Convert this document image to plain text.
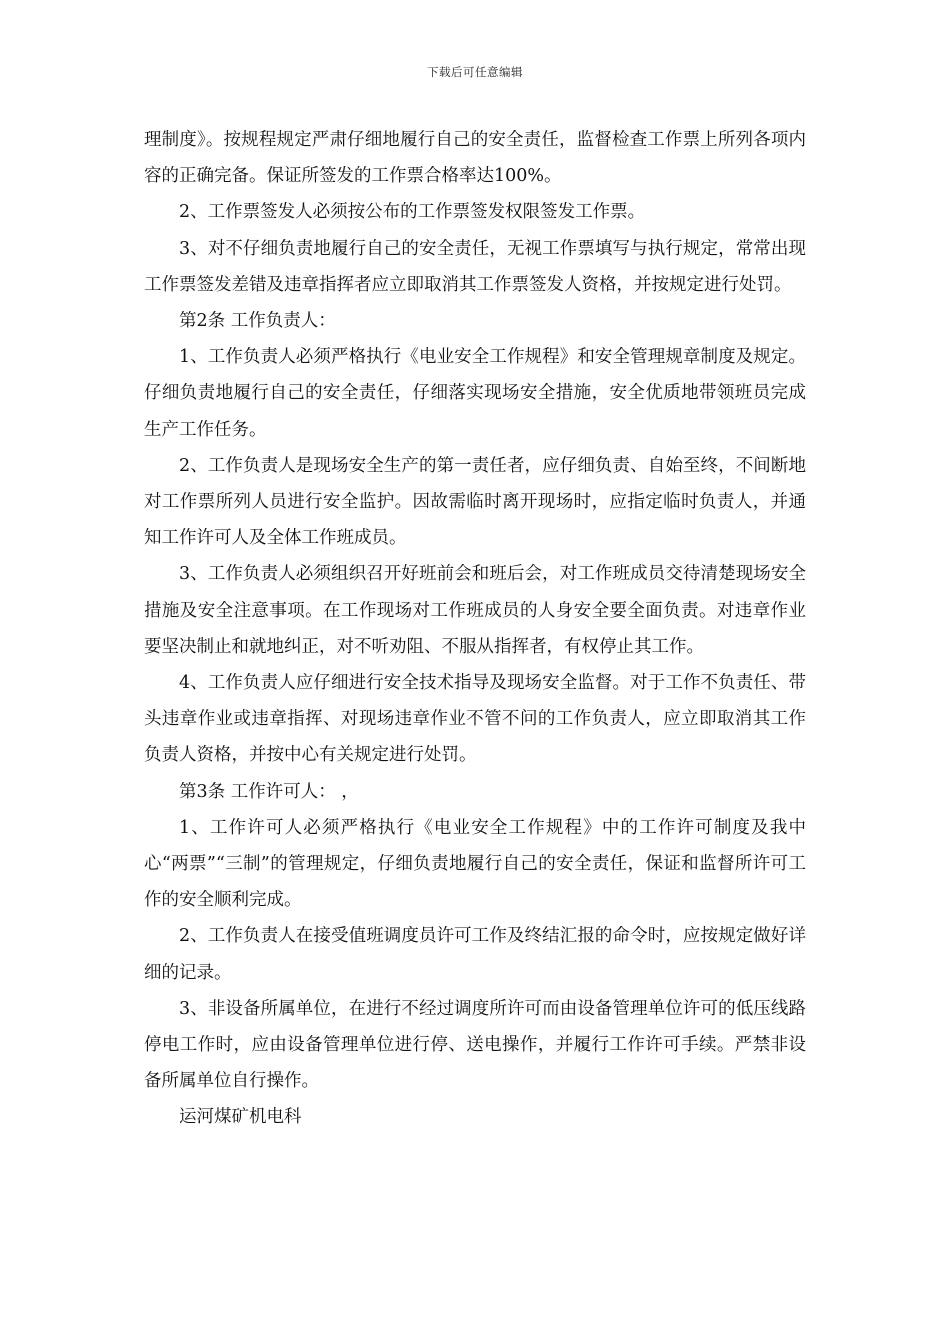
下载后可任意编辑

理制度》。按规程规定严肃仔细地履行自己的安全责任，监督检查工作票上所列各项内容的正确完备。保证所签发的工作票合格率达100%。

2、工作票签发人必须按公布的工作票签发权限签发工作票。

3、对不仔细负责地履行自己的安全责任，无视工作票填写与执行规定，常常出现工作票签发差错及违章指挥者应立即取消其工作票签发人资格，并按规定进行处罚。

第2条 工作负责人：

1、工作负责人必须严格执行《电业安全工作规程》和安全管理规章制度及规定。仔细负责地履行自己的安全责任，仔细落实现场安全措施，安全优质地带领班员完成生产工作任务。

2、工作负责人是现场安全生产的第一责任者，应仔细负责、自始至终，不间断地对工作票所列人员进行安全监护。因故需临时离开现场时，应指定临时负责人，并通知工作许可人及全体工作班成员。

3、工作负责人必须组织召开好班前会和班后会，对工作班成员交待清楚现场安全措施及安全注意事项。在工作现场对工作班成员的人身安全要全面负责。对违章作业要坚决制止和就地纠正，对不听劝阻、不服从指挥者，有权停止其工作。

4、工作负责人应仔细进行安全技术指导及现场安全监督。对于工作不负责任、带头违章作业或违章指挥、对现场违章作业不管不问的工作负责人，应立即取消其工作负责人资格，并按中心有关规定进行处罚。

第3条 工作许可人： ，

1、工作许可人必须严格执行《电业安全工作规程》中的工作许可制度及我中心“两票”“三制”的管理规定，仔细负责地履行自己的安全责任，保证和监督所许可工作的安全顺利完成。

2、工作负责人在接受值班调度员许可工作及终结汇报的命令时，应按规定做好详细的记录。

3、非设备所属单位，在进行不经过调度所许可而由设备管理单位许可的低压线路停电工作时，应由设备管理单位进行停、送电操作，并履行工作许可手续。严禁非设备所属单位自行操作。

运河煤矿机电科
